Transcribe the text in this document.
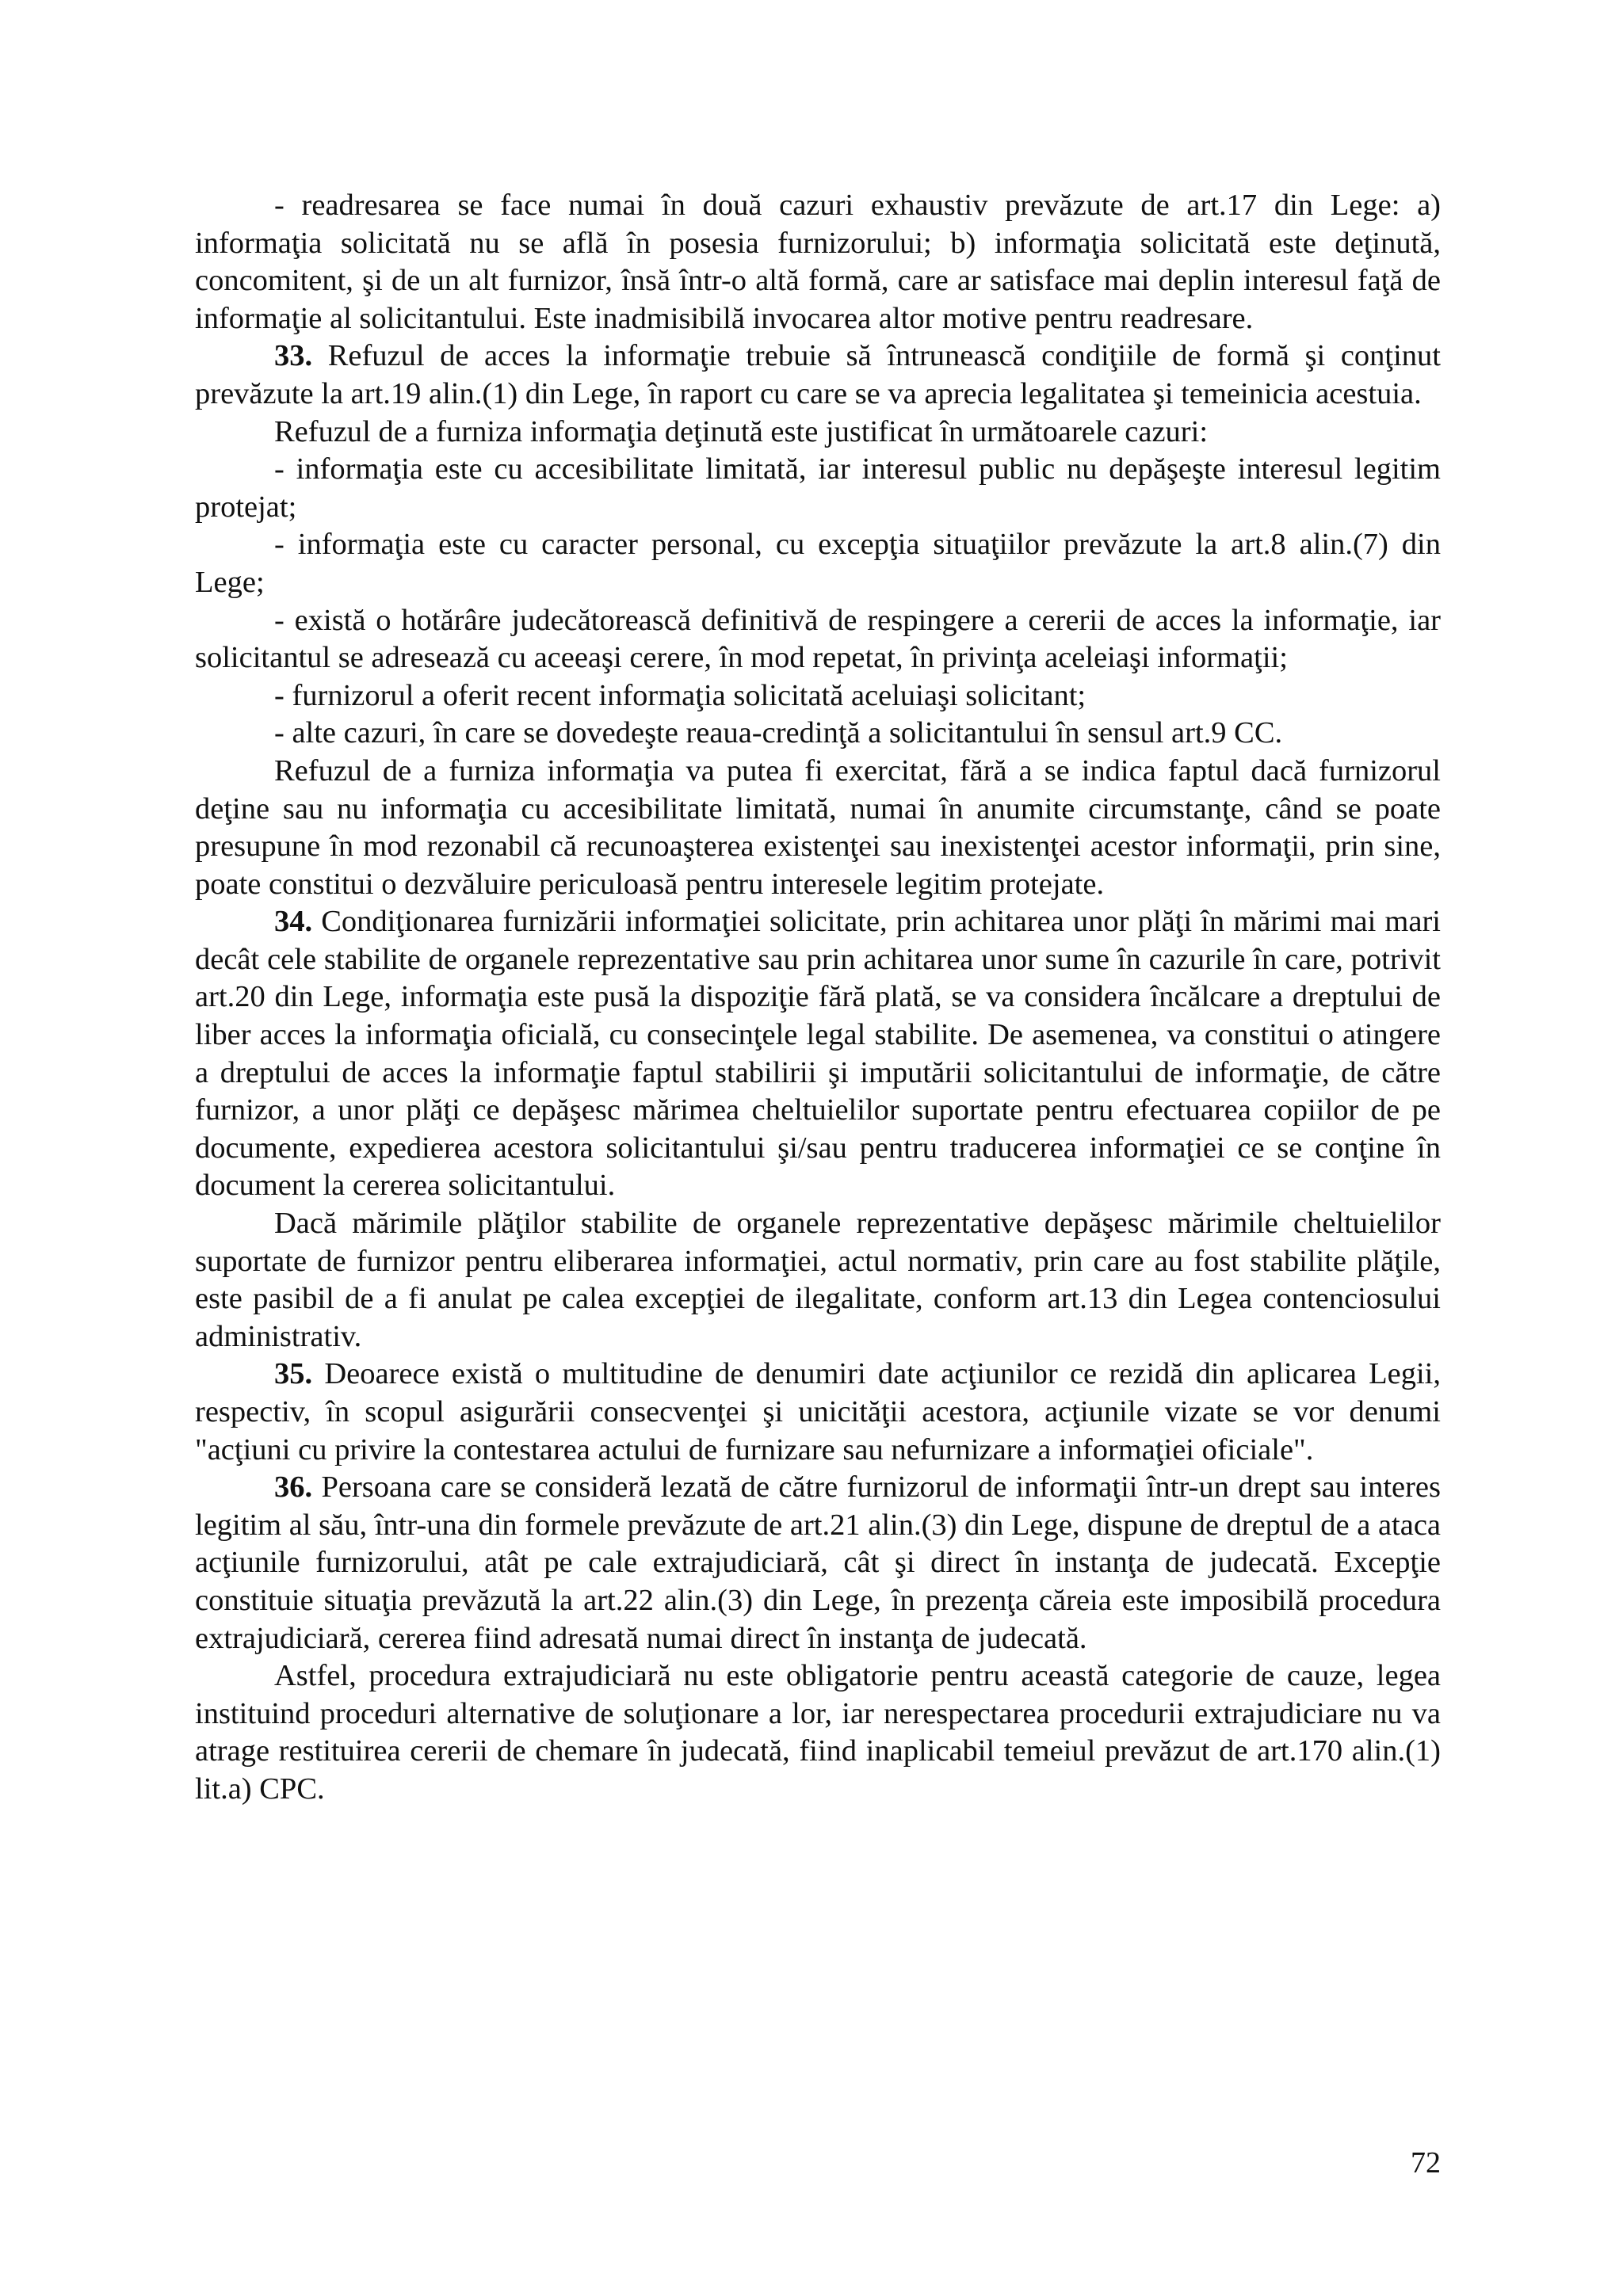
- readresarea se face numai în două cazuri exhaustiv prevăzute de art.17 din Lege: a) informaţia solicitată nu se află în posesia furnizorului; b) informaţia solicitată este deţinută, concomitent, şi de un alt furnizor, însă într-o altă formă, care ar satisface mai deplin interesul faţă de informaţie al solicitantului. Este inadmisibilă invocarea altor motive pentru readresare.

33. Refuzul de acces la informaţie trebuie să întrunească condiţiile de formă şi conţinut prevăzute la art.19 alin.(1) din Lege, în raport cu care se va aprecia legalitatea şi temeinicia acestuia.

Refuzul de a furniza informaţia deţinută este justificat în următoarele cazuri:

- informaţia este cu accesibilitate limitată, iar interesul public nu depăşeşte interesul legitim protejat;

- informaţia este cu caracter personal, cu excepţia situaţiilor prevăzute la art.8 alin.(7) din Lege;

- există o hotărâre judecătorească definitivă de respingere a cererii de acces la informaţie, iar solicitantul se adresează cu aceeaşi cerere, în mod repetat, în privinţa aceleiaşi informaţii;

- furnizorul a oferit recent informaţia solicitată aceluiaşi solicitant;

- alte cazuri, în care se dovedeşte reaua-credinţă a solicitantului în sensul art.9 CC.

Refuzul de a furniza informaţia va putea fi exercitat, fără a se indica faptul dacă furnizorul deţine sau nu informaţia cu accesibilitate limitată, numai în anumite circumstanţe, când se poate presupune în mod rezonabil că recunoaşterea existenţei sau inexistenţei acestor informaţii, prin sine, poate constitui o dezvăluire periculoasă pentru interesele legitim protejate.

34. Condiţionarea furnizării informaţiei solicitate, prin achitarea unor plăţi în mărimi mai mari decât cele stabilite de organele reprezentative sau prin achitarea unor sume în cazurile în care, potrivit art.20 din Lege, informaţia este pusă la dispoziţie fără plată, se va considera încălcare a dreptului de liber acces la informaţia oficială, cu consecinţele legal stabilite. De asemenea, va constitui o atingere a dreptului de acces la informaţie faptul stabilirii şi imputării solicitantului de informaţie, de către furnizor, a unor plăţi ce depăşesc mărimea cheltuielilor suportate pentru efectuarea copiilor de pe documente, expedierea acestora solicitantului şi/sau pentru traducerea informaţiei ce se conţine în document la cererea solicitantului.

Dacă mărimile plăţilor stabilite de organele reprezentative depăşesc mărimile cheltuielilor suportate de furnizor pentru eliberarea informaţiei, actul normativ, prin care au fost stabilite plăţile, este pasibil de a fi anulat pe calea excepţiei de ilegalitate, conform art.13 din Legea contenciosului administrativ.

35. Deoarece există o multitudine de denumiri date acţiunilor ce rezidă din aplicarea Legii, respectiv, în scopul asigurării consecvenţei şi unicităţii acestora, acţiunile vizate se vor denumi "acţiuni cu privire la contestarea actului de furnizare sau nefurnizare a informaţiei oficiale".

36. Persoana care se consideră lezată de către furnizorul de informaţii într-un drept sau interes legitim al său, într-una din formele prevăzute de art.21 alin.(3) din Lege, dispune de dreptul de a ataca acţiunile furnizorului, atât pe cale extrajudiciară, cât şi direct în instanţa de judecată. Excepţie constituie situaţia prevăzută la art.22 alin.(3) din Lege, în prezenţa căreia este imposibilă procedura extrajudiciară, cererea fiind adresată numai direct în instanţa de judecată.

Astfel, procedura extrajudiciară nu este obligatorie pentru această categorie de cauze, legea instituind proceduri alternative de soluţionare a lor, iar nerespectarea procedurii extrajudiciare nu va atrage restituirea cererii de chemare în judecată, fiind inaplicabil temeiul prevăzut de art.170 alin.(1) lit.a) CPC.

72
